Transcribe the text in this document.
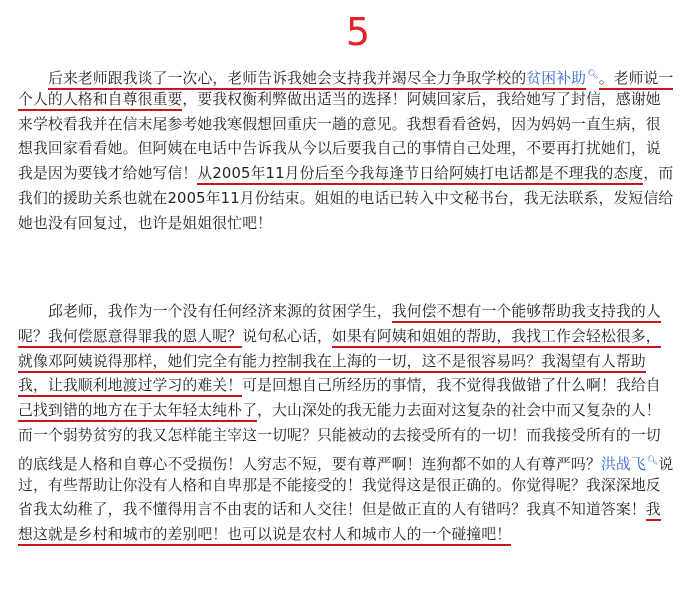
5
后来老师跟我谈了一次心，老师告诉我她会支持我并竭尽全力争取学校的贫困补助🔍︎。老师说一
个人的人格和自尊很重要，要我权衡利弊做出适当的选择！阿姨回家后，我给她写了封信，感谢她
来学校看我并在信末尾参考她我寒假想回重庆一趟的意见。我想看看爸妈，因为妈妈一直生病，很
想我回家看看她。但阿姨在电话中告诉我从今以后要我自己的事情自己处理，不要再打扰她们，说
我是因为要钱才给她写信！从2005年11月份后至今我每逢节日给阿姨打电话都是不理我的态度，而
我们的援助关系也就在2005年11月份结束。姐姐的电话已转入中文秘书台，我无法联系，发短信给
她也没有回复过，也许是姐姐很忙吧！
邱老师，我作为一个没有任何经济来源的贫困学生，我何偿不想有一个能够帮助我支持我的人
呢？我何偿愿意得罪我的恩人呢？说句私心话，如果有阿姨和姐姐的帮助，我找工作会轻松很多，
就像邓阿姨说得那样，她们完全有能力控制我在上海的一切，这不是很容易吗？我渴望有人帮助
我，让我顺利地渡过学习的难关！可是回想自己所经历的事情，我不觉得我做错了什么啊！我给自
己找到错的地方在于太年轻太纯朴了，大山深处的我无能力去面对这复杂的社会中而又复杂的人！
而一个弱势贫穷的我又怎样能主宰这一切呢？只能被动的去接受所有的一切！而我接受所有的一切
的底线是人格和自尊心不受损伤！人穷志不短，要有尊严啊！连狗都不如的人有尊严吗？洪战飞🔍︎说
过，有些帮助让你没有人格和自卑那是不能接受的！我觉得这是很正确的。你觉得呢？我深深地反
省我太幼稚了，我不懂得用言不由衷的话和人交往！但是做正直的人有错吗？我真不知道答案！我
想这就是乡村和城市的差别吧！也可以说是农村人和城市人的一个碰撞吧！
